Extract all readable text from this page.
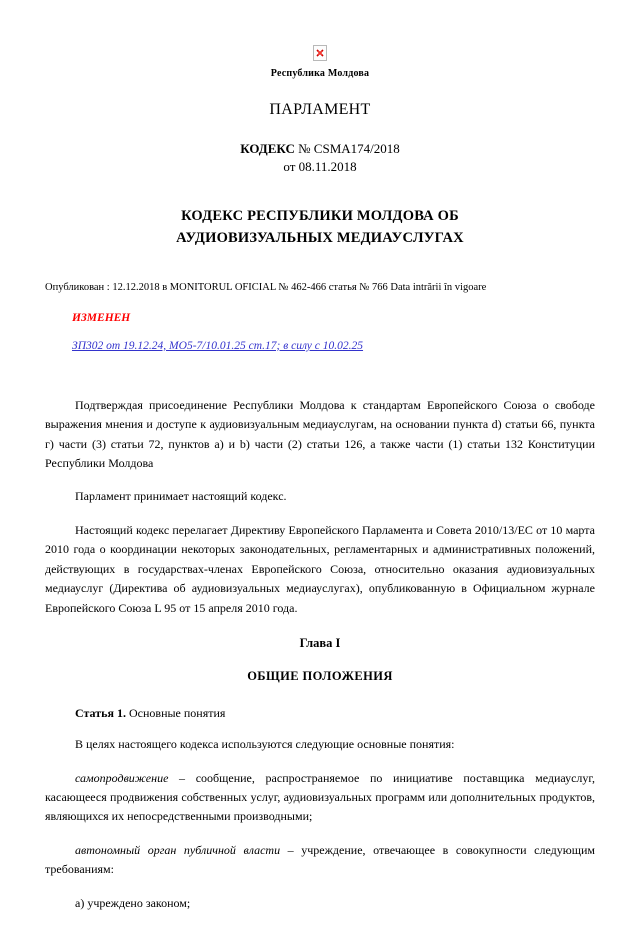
Республика Молдова
ПАРЛАМЕНТ
КОДЕКС № CSMA174/2018
от 08.11.2018
КОДЕКС РЕСПУБЛИКИ МОЛДОВА ОБ
АУДИОВИЗУАЛЬНЫХ МЕДИАУСЛУГАХ
Опубликован : 12.12.2018 в MONITORUL OFICIAL № 462-466 статья № 766 Data intrării în vigoare
ИЗМЕНЕН
ЗП302 от 19.12.24, МО5-7/10.01.25 ст.17; в силу с 10.02.25

Подтверждая присоединение Республики Молдова к стандартам Европейского Союза о свободе выражения мнения и доступе к аудиовизуальным медиауслугам, на основании пункта d) статьи 66, пункта г) части (3) статьи 72, пунктов a) и b) части (2) статьи 126, а также части (1) статьи 132 Конституции Республики Молдова

Парламент принимает настоящий кодекс.

Настоящий кодекс перелагает Директиву Европейского Парламента и Совета 2010/13/ЕС от 10 марта 2010 года о координации некоторых законодательных, регламентарных и административных положений, действующих в государствах-членах Европейского Союза, относительно оказания аудиовизуальных медиауслуг (Директива об аудиовизуальных медиауслугах), опубликованную в Официальном журнале Европейского Союза L 95 от 15 апреля 2010 года.

Глава I
ОБЩИЕ ПОЛОЖЕНИЯ
Статья 1. Основные понятия

В целях настоящего кодекса используются следующие основные понятия:

самопродвижение – сообщение, распространяемое по инициативе поставщика медиауслуг, касающееся продвижения собственных услуг, аудиовизуальных программ или дополнительных продуктов, являющихся их непосредственными производными;

автономный орган публичной власти – учреждение, отвечающее в совокупности следующим требованиям:

а) учреждено законом;
